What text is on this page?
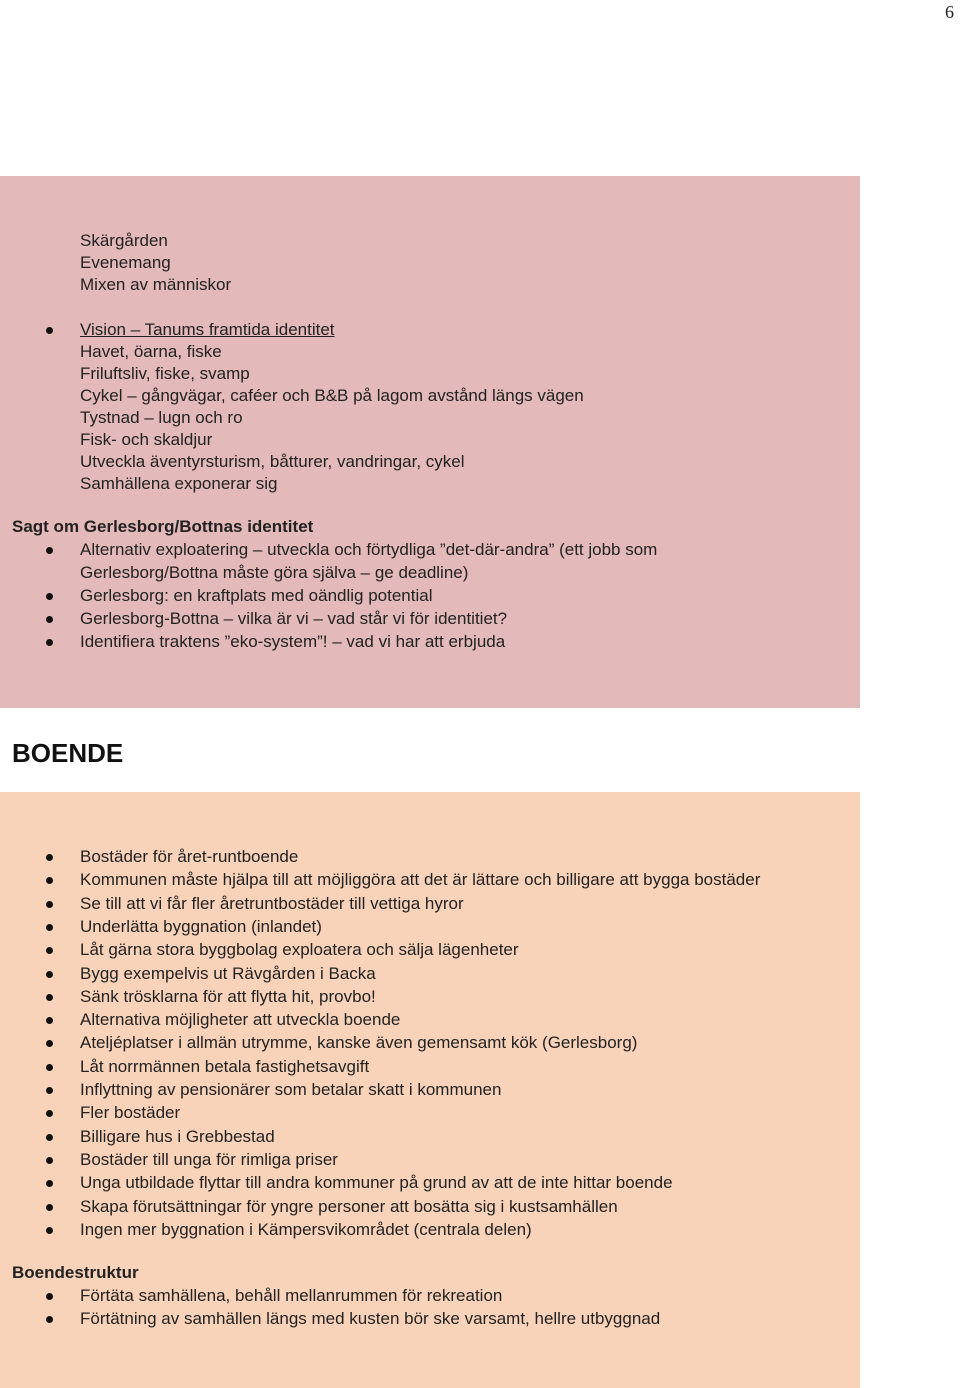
6
Skärgården
Evenemang
Mixen av människor
Vision – Tanums framtida identitet
Havet, öarna, fiske
Friluftsliv, fiske, svamp
Cykel – gångvägar, caféer och B&B på lagom avstånd längs vägen
Tystnad – lugn och ro
Fisk- och skaldjur
Utveckla äventyrsturism, båtturer, vandringar, cykel
Samhällena exponerar sig
Sagt om Gerlesborg/Bottnas identitet
Alternativ exploatering – utveckla och förtydliga ”det-där-andra” (ett jobb som
Gerlesborg/Bottna måste göra själva – ge deadline)
Gerlesborg: en kraftplats med oändlig potential
Gerlesborg-Bottna – vilka är vi – vad står vi för identitiet?
Identifiera traktens ”eko-system”! – vad vi har att erbjuda
BOENDE
Bostäder för året-runtboende
Kommunen måste hjälpa till att möjliggöra att det är lättare och billigare att bygga bostäder
Se till att vi får fler åretruntbostäder till vettiga hyror
Underlätta byggnation (inlandet)
Låt gärna stora byggbolag exploatera och sälja lägenheter
Bygg exempelvis ut Rävgården i Backa
Sänk trösklarna för att flytta hit, provbo!
Alternativa möjligheter att utveckla boende
Ateljéplatser i allmän utrymme, kanske även gemensamt kök (Gerlesborg)
Låt norrmännen betala fastighetsavgift
Inflyttning av pensionärer som betalar skatt i kommunen
Fler bostäder
Billigare hus i Grebbestad
Bostäder till unga för rimliga priser
Unga utbildade flyttar till andra kommuner på grund av att de inte hittar boende
Skapa förutsättningar för yngre personer att bosätta sig i kustsamhällen
Ingen mer byggnation i Kämpersvikområdet (centrala delen)
Boendestruktur
Förtäta samhällena, behåll mellanrummen för rekreation
Förtätning av samhällen längs med kusten bör ske varsamt, hellre utbyggnad
